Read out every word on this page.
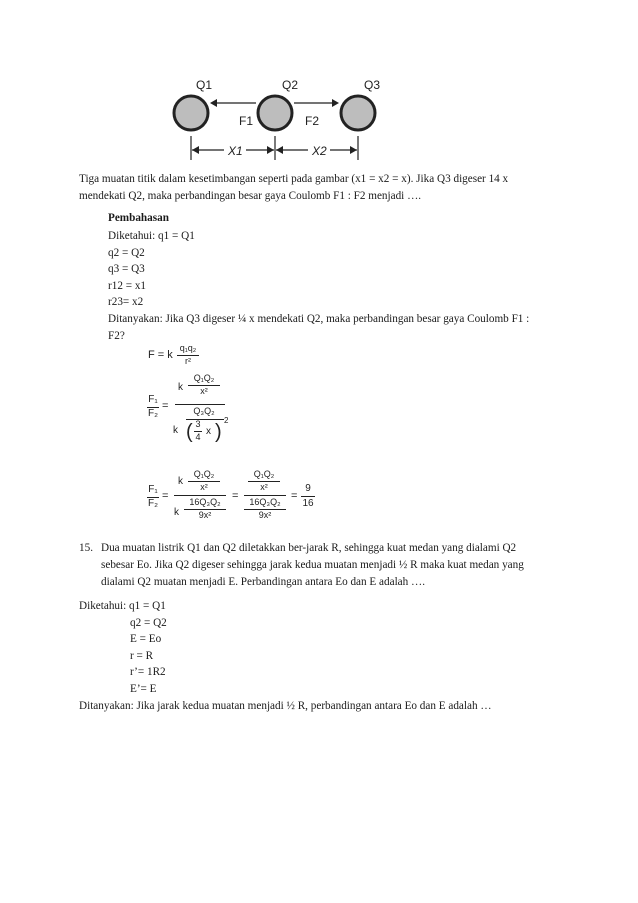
Q1	Q2	Q3
F1	F2
X1	X2
Tiga muatan titik dalam kesetimbangan seperti pada gambar (x1 = x2 = x). Jika Q3 digeser 14 x
mendekati Q2, maka perbandingan besar gaya Coulomb F1 : F2 menjadi ….
Pembahasan
Diketahui: q1 = Q1
q2 = Q2
q3 = Q3
r12 = x1
r23= x2
Ditanyakan: Jika Q3 digeser ¼ x mendekati Q2, maka perbandingan besar gaya Coulomb F1 :
F2?
F = k
q₁q₂
r²
F₁
F₂
=
k
Q₁Q₂
x²
Q₃Q₂
k ( 3
4 x )
2
F₁
F₂
=
k
Q₁Q₂
x²
k
16Q₃Q₂
9x²
=
Q₁Q₂
x²
16Q₃Q₂
9x²
=
9
16
15. Dua muatan listrik Q1 dan Q2 diletakkan ber-jarak R, sehingga kuat medan yang dialami Q2
sebesar Eo. Jika Q2 digeser sehingga jarak kedua muatan menjadi ½ R maka kuat medan yang
dialami Q2 muatan menjadi E. Perbandingan antara Eo dan E adalah ….
Diketahui: q1 = Q1
q2 = Q2
E = Eo
r = R
r’= 1R2
E’= E
Ditanyakan: Jika jarak kedua muatan menjadi ½ R, perbandingan antara Eo dan E adalah …
